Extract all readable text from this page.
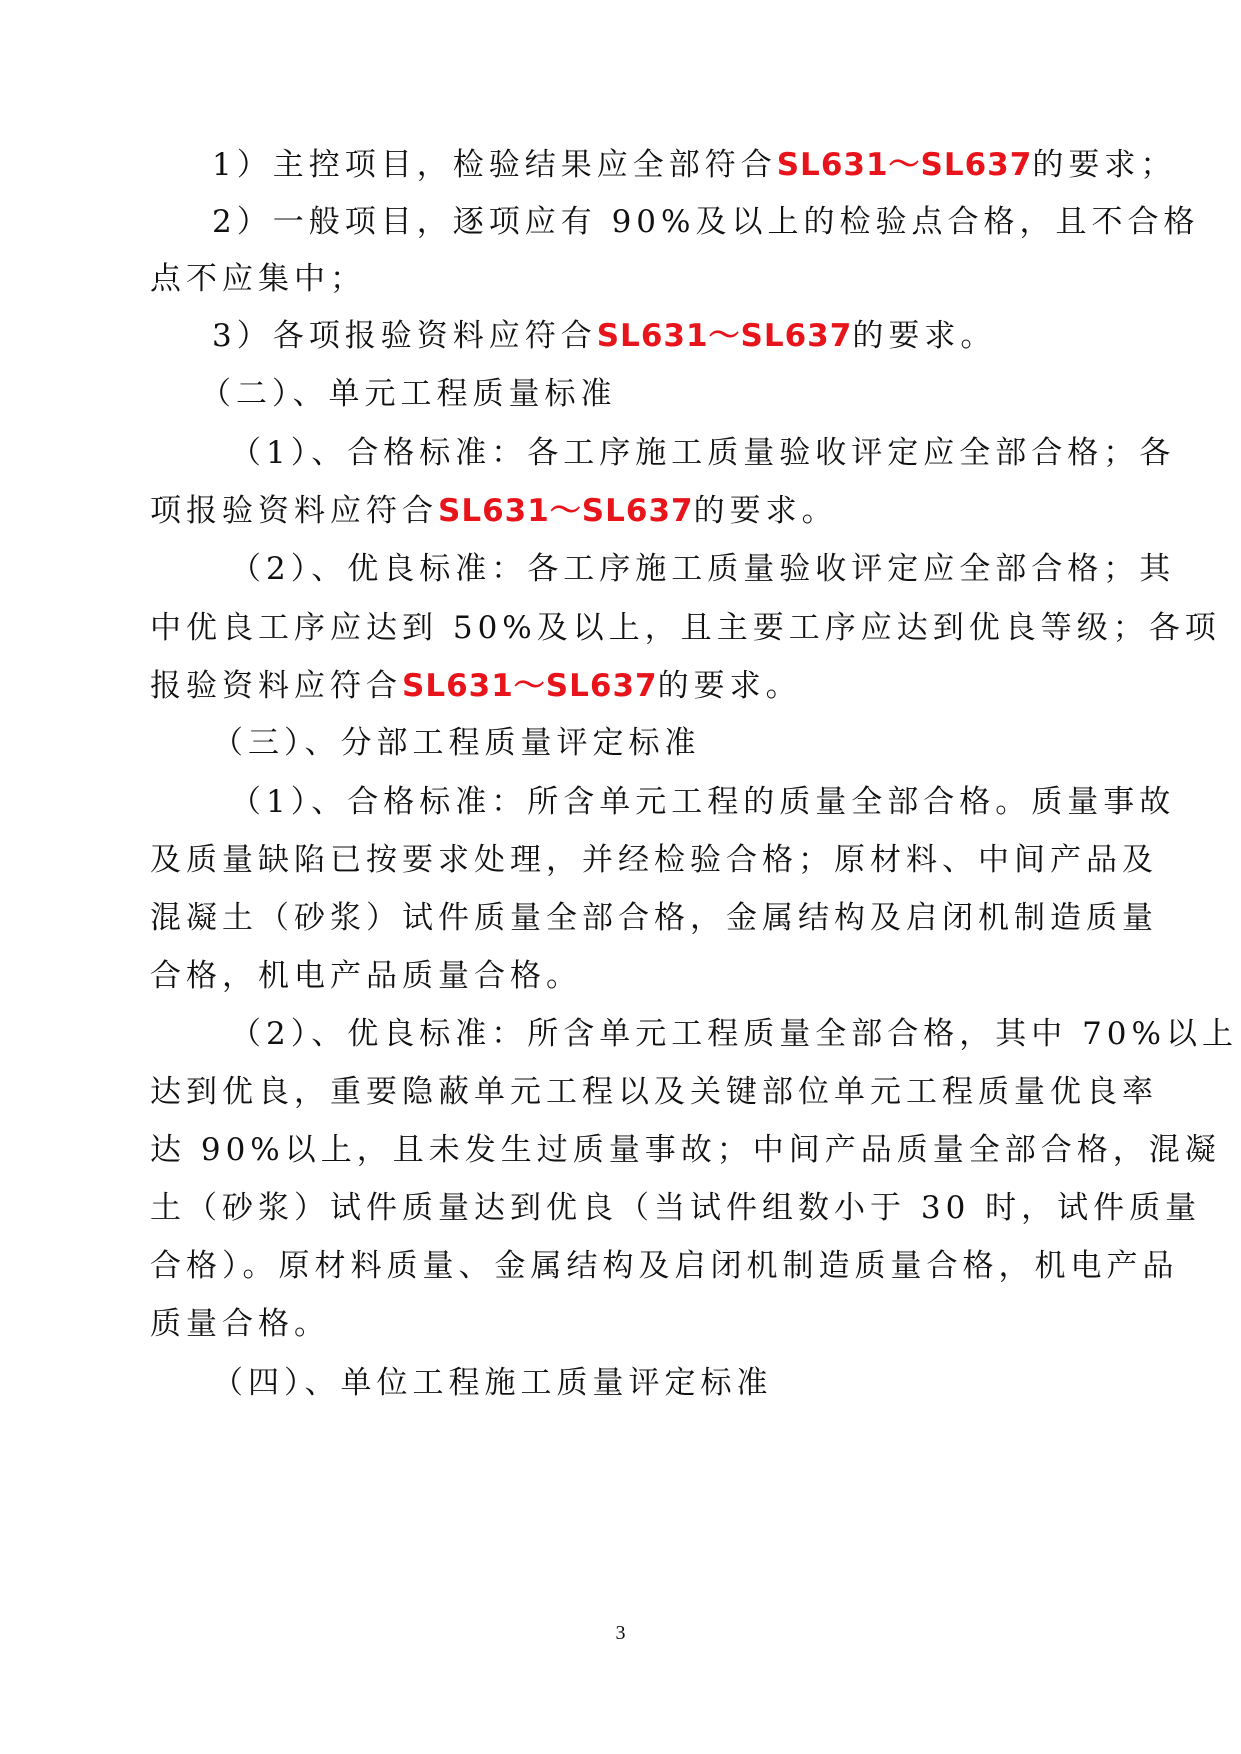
1）主控项目，检验结果应全部符合SL631～SL637的要求；
2）一般项目，逐项应有 90%及以上的检验点合格，且不合格
点不应集中；
3）各项报验资料应符合SL631～SL637的要求。
（二）、单元工程质量标准
（1）、合格标准：各工序施工质量验收评定应全部合格；各
项报验资料应符合SL631～SL637的要求。
（2）、优良标准：各工序施工质量验收评定应全部合格；其
中优良工序应达到 50%及以上，且主要工序应达到优良等级；各项
报验资料应符合SL631～SL637的要求。
（三）、分部工程质量评定标准
（1）、合格标准：所含单元工程的质量全部合格。质量事故
及质量缺陷已按要求处理，并经检验合格；原材料、中间产品及
混凝土（砂浆）试件质量全部合格，金属结构及启闭机制造质量
合格，机电产品质量合格。
（2）、优良标准：所含单元工程质量全部合格，其中 70%以上
达到优良，重要隐蔽单元工程以及关键部位单元工程质量优良率
达 90%以上，且未发生过质量事故；中间产品质量全部合格，混凝
土（砂浆）试件质量达到优良（当试件组数小于 30 时，试件质量
合格）。原材料质量、金属结构及启闭机制造质量合格，机电产品
质量合格。
（四）、单位工程施工质量评定标准
3
